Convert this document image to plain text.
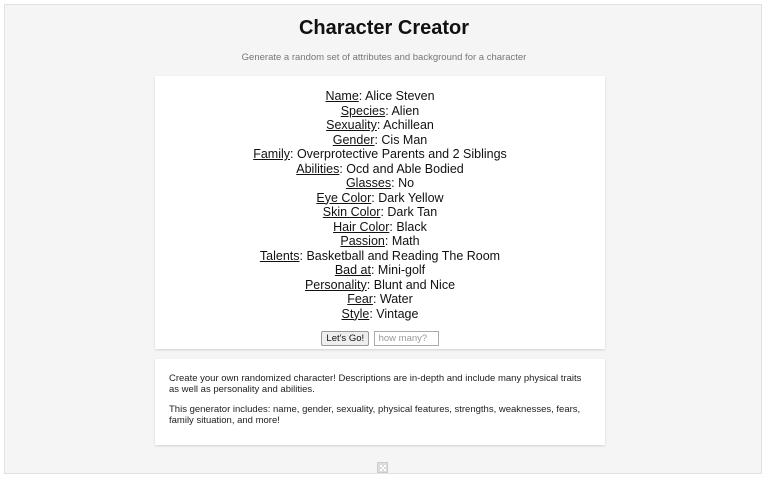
Character Creator
Generate a random set of attributes and background for a character
Name: Alice Steven
Species: Alien
Sexuality: Achillean
Gender: Cis Man
Family: Overprotective Parents and 2 Siblings
Abilities: Ocd and Able Bodied
Glasses: No
Eye Color: Dark Yellow
Skin Color: Dark Tan
Hair Color: Black
Passion: Math
Talents: Basketball and Reading The Room
Bad at: Mini-golf
Personality: Blunt and Nice
Fear: Water
Style: Vintage
Let's Go! how many?

Create your own randomized character! Descriptions are in-depth and include many physical traits as well as personality and abilities.

This generator includes: name, gender, sexuality, physical features, strengths, weaknesses, fears, family situation, and more!
